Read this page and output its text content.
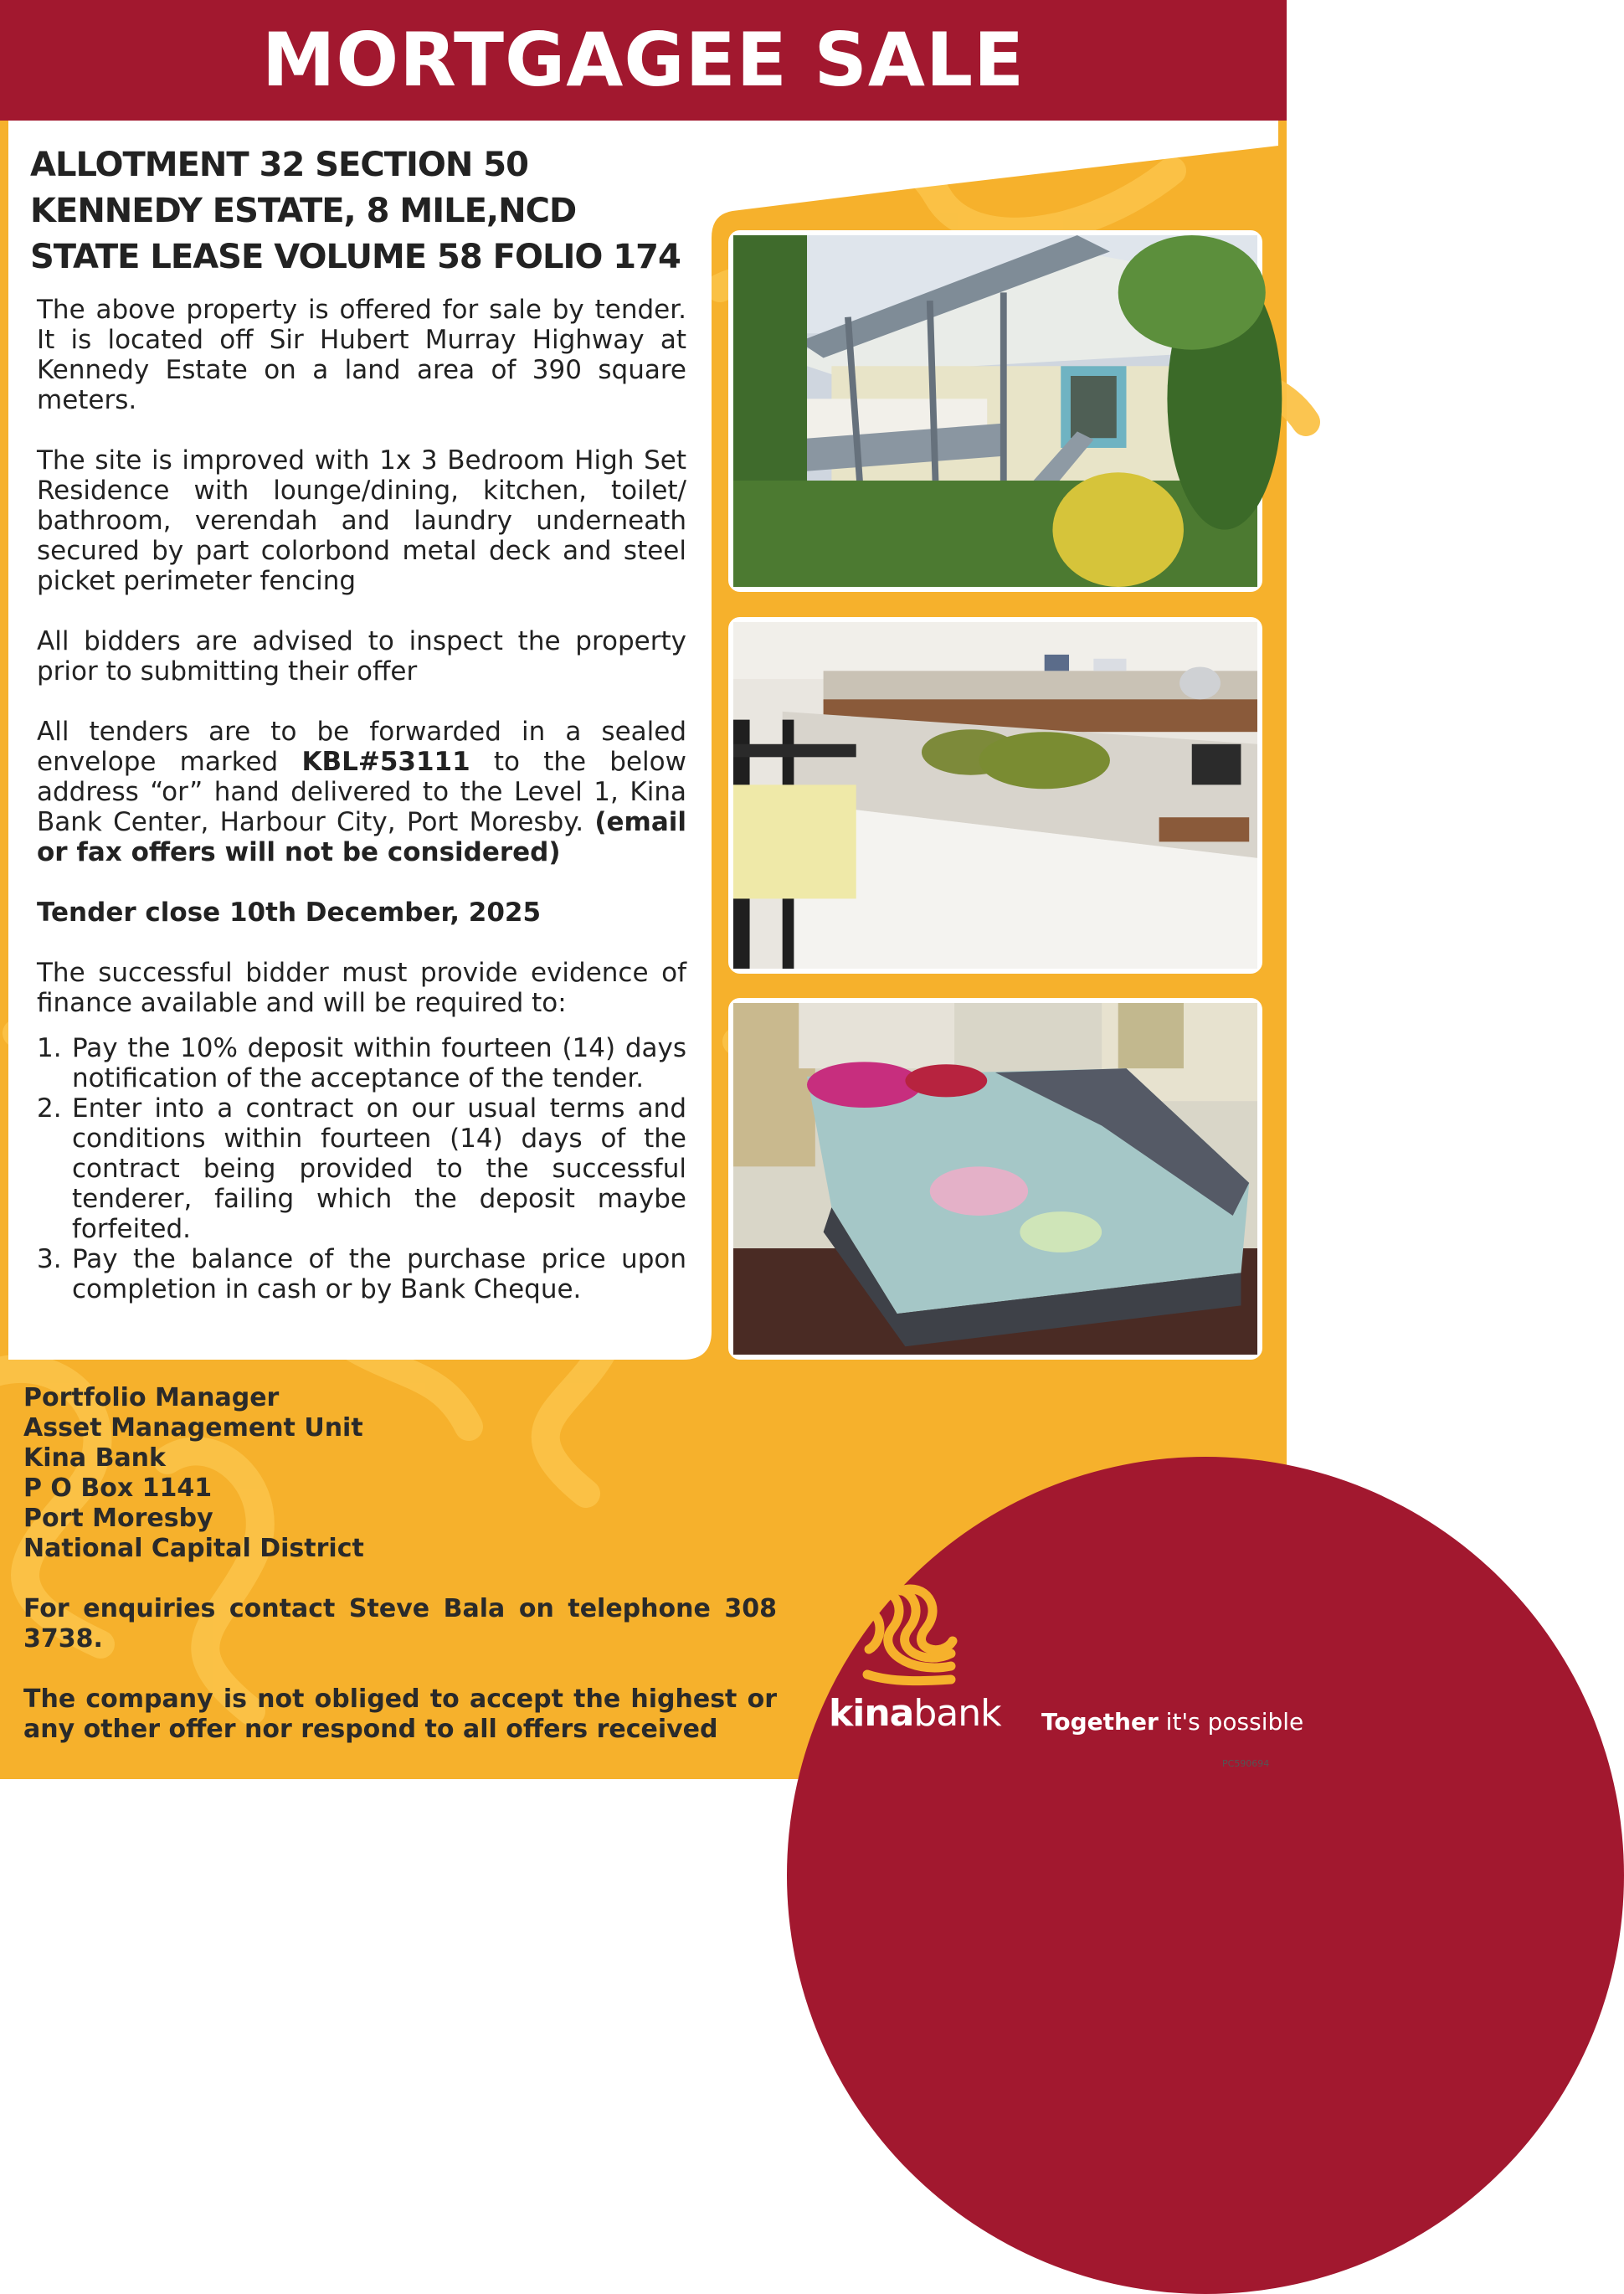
MORTGAGEE SALE
ALLOTMENT 32 SECTION 50
KENNEDY ESTATE, 8 MILE,NCD
STATE LEASE VOLUME 58 FOLIO 174

The above property is offered for sale by tender. It is located off Sir Hubert Murray Highway at Kennedy Estate on a land area of 390 square meters.

The site is improved with 1x 3 Bedroom High Set Residence with lounge/dining, kitchen, toilet/ bathroom, verendah and laundry underneath secured by part colorbond metal deck and steel picket perimeter fencing

All bidders are advised to inspect the property prior to submitting their offer

All tenders are to be forwarded in a sealed envelope marked KBL#53111 to the below address “or” hand delivered to the Level 1, Kina Bank Center, Harbour City, Port Moresby. (email or fax offers will not be considered)

Tender close 10th December, 2025

The successful bidder must provide evidence of finance available and will be required to:

1. Pay the 10% deposit within fourteen (14) days notification of the acceptance of the tender.
2. Enter into a contract on our usual terms and conditions within fourteen (14) days of the contract being provided to the successful tenderer, failing which the deposit maybe forfeited.
3. Pay the balance of the purchase price upon completion in cash or by Bank Cheque.
Portfolio Manager
Asset Management Unit
Kina Bank
P O Box 1141
Port Moresby
National Capital District

For enquiries contact Steve Bala on telephone 308 3738.

The company is not obliged to accept the highest or any other offer nor respond to all offers received	kinabank Together it's possible
PC590694
